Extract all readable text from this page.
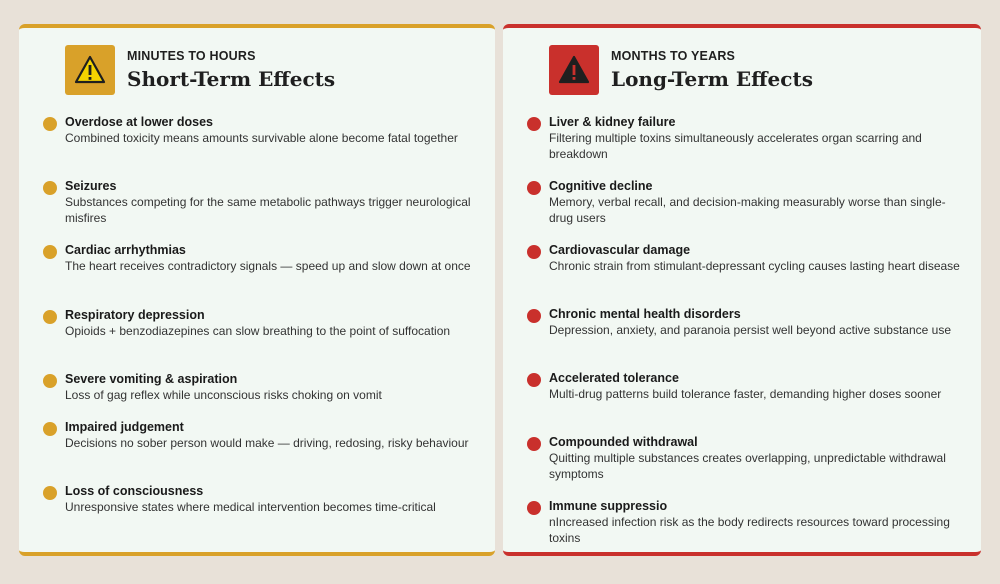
MINUTES TO HOURS
Short-Term Effects
Overdose at lower doses
Combined toxicity means amounts survivable alone become fatal together
Seizures
Substances competing for the same metabolic pathways trigger neurological misfires
Cardiac arrhythmias
The heart receives contradictory signals — speed up and slow down at once
Respiratory depression
Opioids + benzodiazepines can slow breathing to the point of suffocation
Severe vomiting & aspiration
Loss of gag reflex while unconscious risks choking on vomit
Impaired judgement
Decisions no sober person would make — driving, redosing, risky behaviour
Loss of consciousness
Unresponsive states where medical intervention becomes time-critical
MONTHS TO YEARS
Long-Term Effects
Liver & kidney failure
Filtering multiple toxins simultaneously accelerates organ scarring and breakdown
Cognitive decline
Memory, verbal recall, and decision-making measurably worse than single-drug users
Cardiovascular damage
Chronic strain from stimulant-depressant cycling causes lasting heart disease
Chronic mental health disorders
Depression, anxiety, and paranoia persist well beyond active substance use
Accelerated tolerance
Multi-drug patterns build tolerance faster, demanding higher doses sooner
Compounded withdrawal
Quitting multiple substances creates overlapping, unpredictable withdrawal symptoms
Immune suppressio
nIncreased infection risk as the body redirects resources toward processing toxins
